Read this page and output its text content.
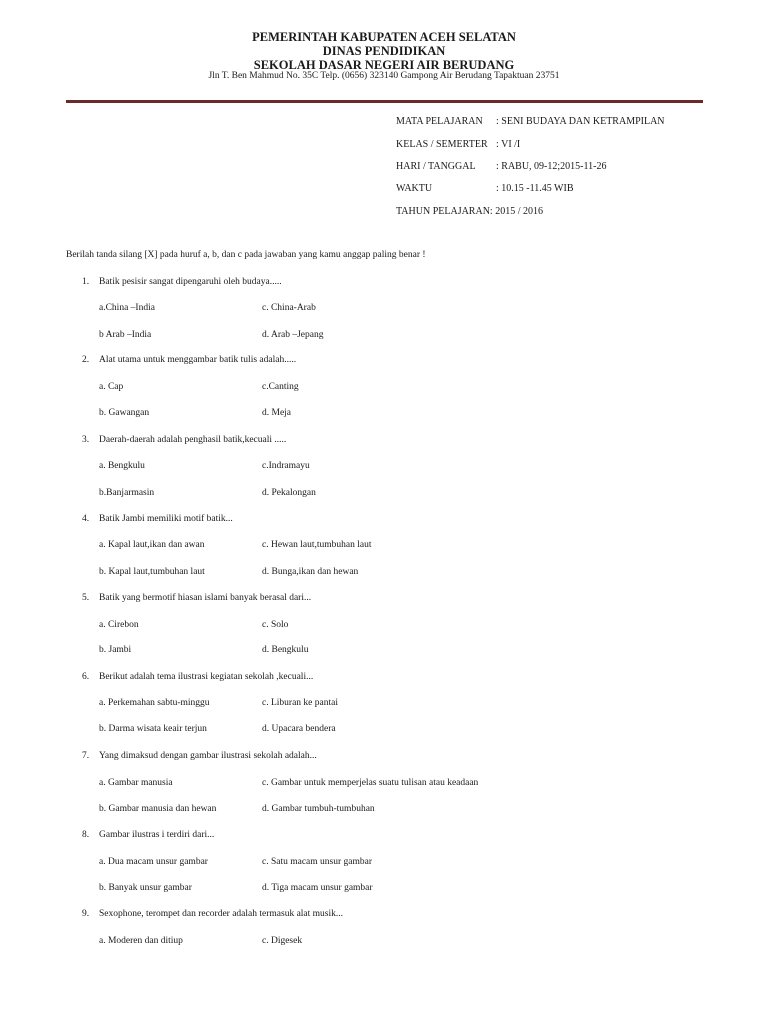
PEMERINTAH KABUPATEN ACEH SELATAN
DINAS PENDIDIKAN
SEKOLAH DASAR NEGERI AIR BERUDANG
Jln T. Ben Mahmud No. 35C Telp. (0656) 323140 Gampong Air Berudang Tapaktuan 23751
MATA PELAJARAN : SENI BUDAYA DAN KETRAMPILAN
KELAS / SEMERTER : VI /I
HARI / TANGGAL : RABU, 09-12;2015-11-26
WAKTU	: 10.15 -11.45 WIB
TAHUN PELAJARAN: 2015 / 2016
Berilah tanda silang [X] pada huruf a, b, dan c pada jawaban yang kamu anggap paling benar !
1.	Batik pesisir sangat dipengaruhi oleh budaya.....
a.China –India	c. China-Arab
b Arab –India	d. Arab –Jepang
2.	Alat utama untuk menggambar batik tulis adalah.....
a. Cap	c.Canting
b. Gawangan	d. Meja
3.	Daerah-daerah adalah penghasil batik,kecuali .....
a. Bengkulu	c.Indramayu
b.Banjarmasin	d. Pekalongan
4.	Batik Jambi memiliki motif batik...
a. Kapal laut,ikan dan awan	c. Hewan laut,tumbuhan laut
b. Kapal laut,tumbuhan laut	d. Bunga,ikan dan hewan
5.	Batik yang bermotif hiasan islami banyak berasal dari...
a. Cirebon	c. Solo
b. Jambi	d. Bengkulu
6.	Berikut adalah tema ilustrasi kegiatan sekolah ,kecuali...
a. Perkemahan sabtu-minggu	c. Liburan ke pantai
b. Darma wisata keair terjun	d. Upacara bendera
7.	Yang dimaksud dengan gambar ilustrasi sekolah adalah...
a. Gambar manusia	c. Gambar untuk memperjelas suatu tulisan atau keadaan
b. Gambar manusia dan hewan	d. Gambar tumbuh-tumbuhan
8.	Gambar ilustras i terdiri dari...
a. Dua macam unsur gambar	c. Satu macam unsur gambar
b. Banyak unsur gambar	d. Tiga macam unsur gambar
9.	Sexophone, terompet dan recorder adalah termasuk alat musik...
a. Moderen dan ditiup	c. Digesek
